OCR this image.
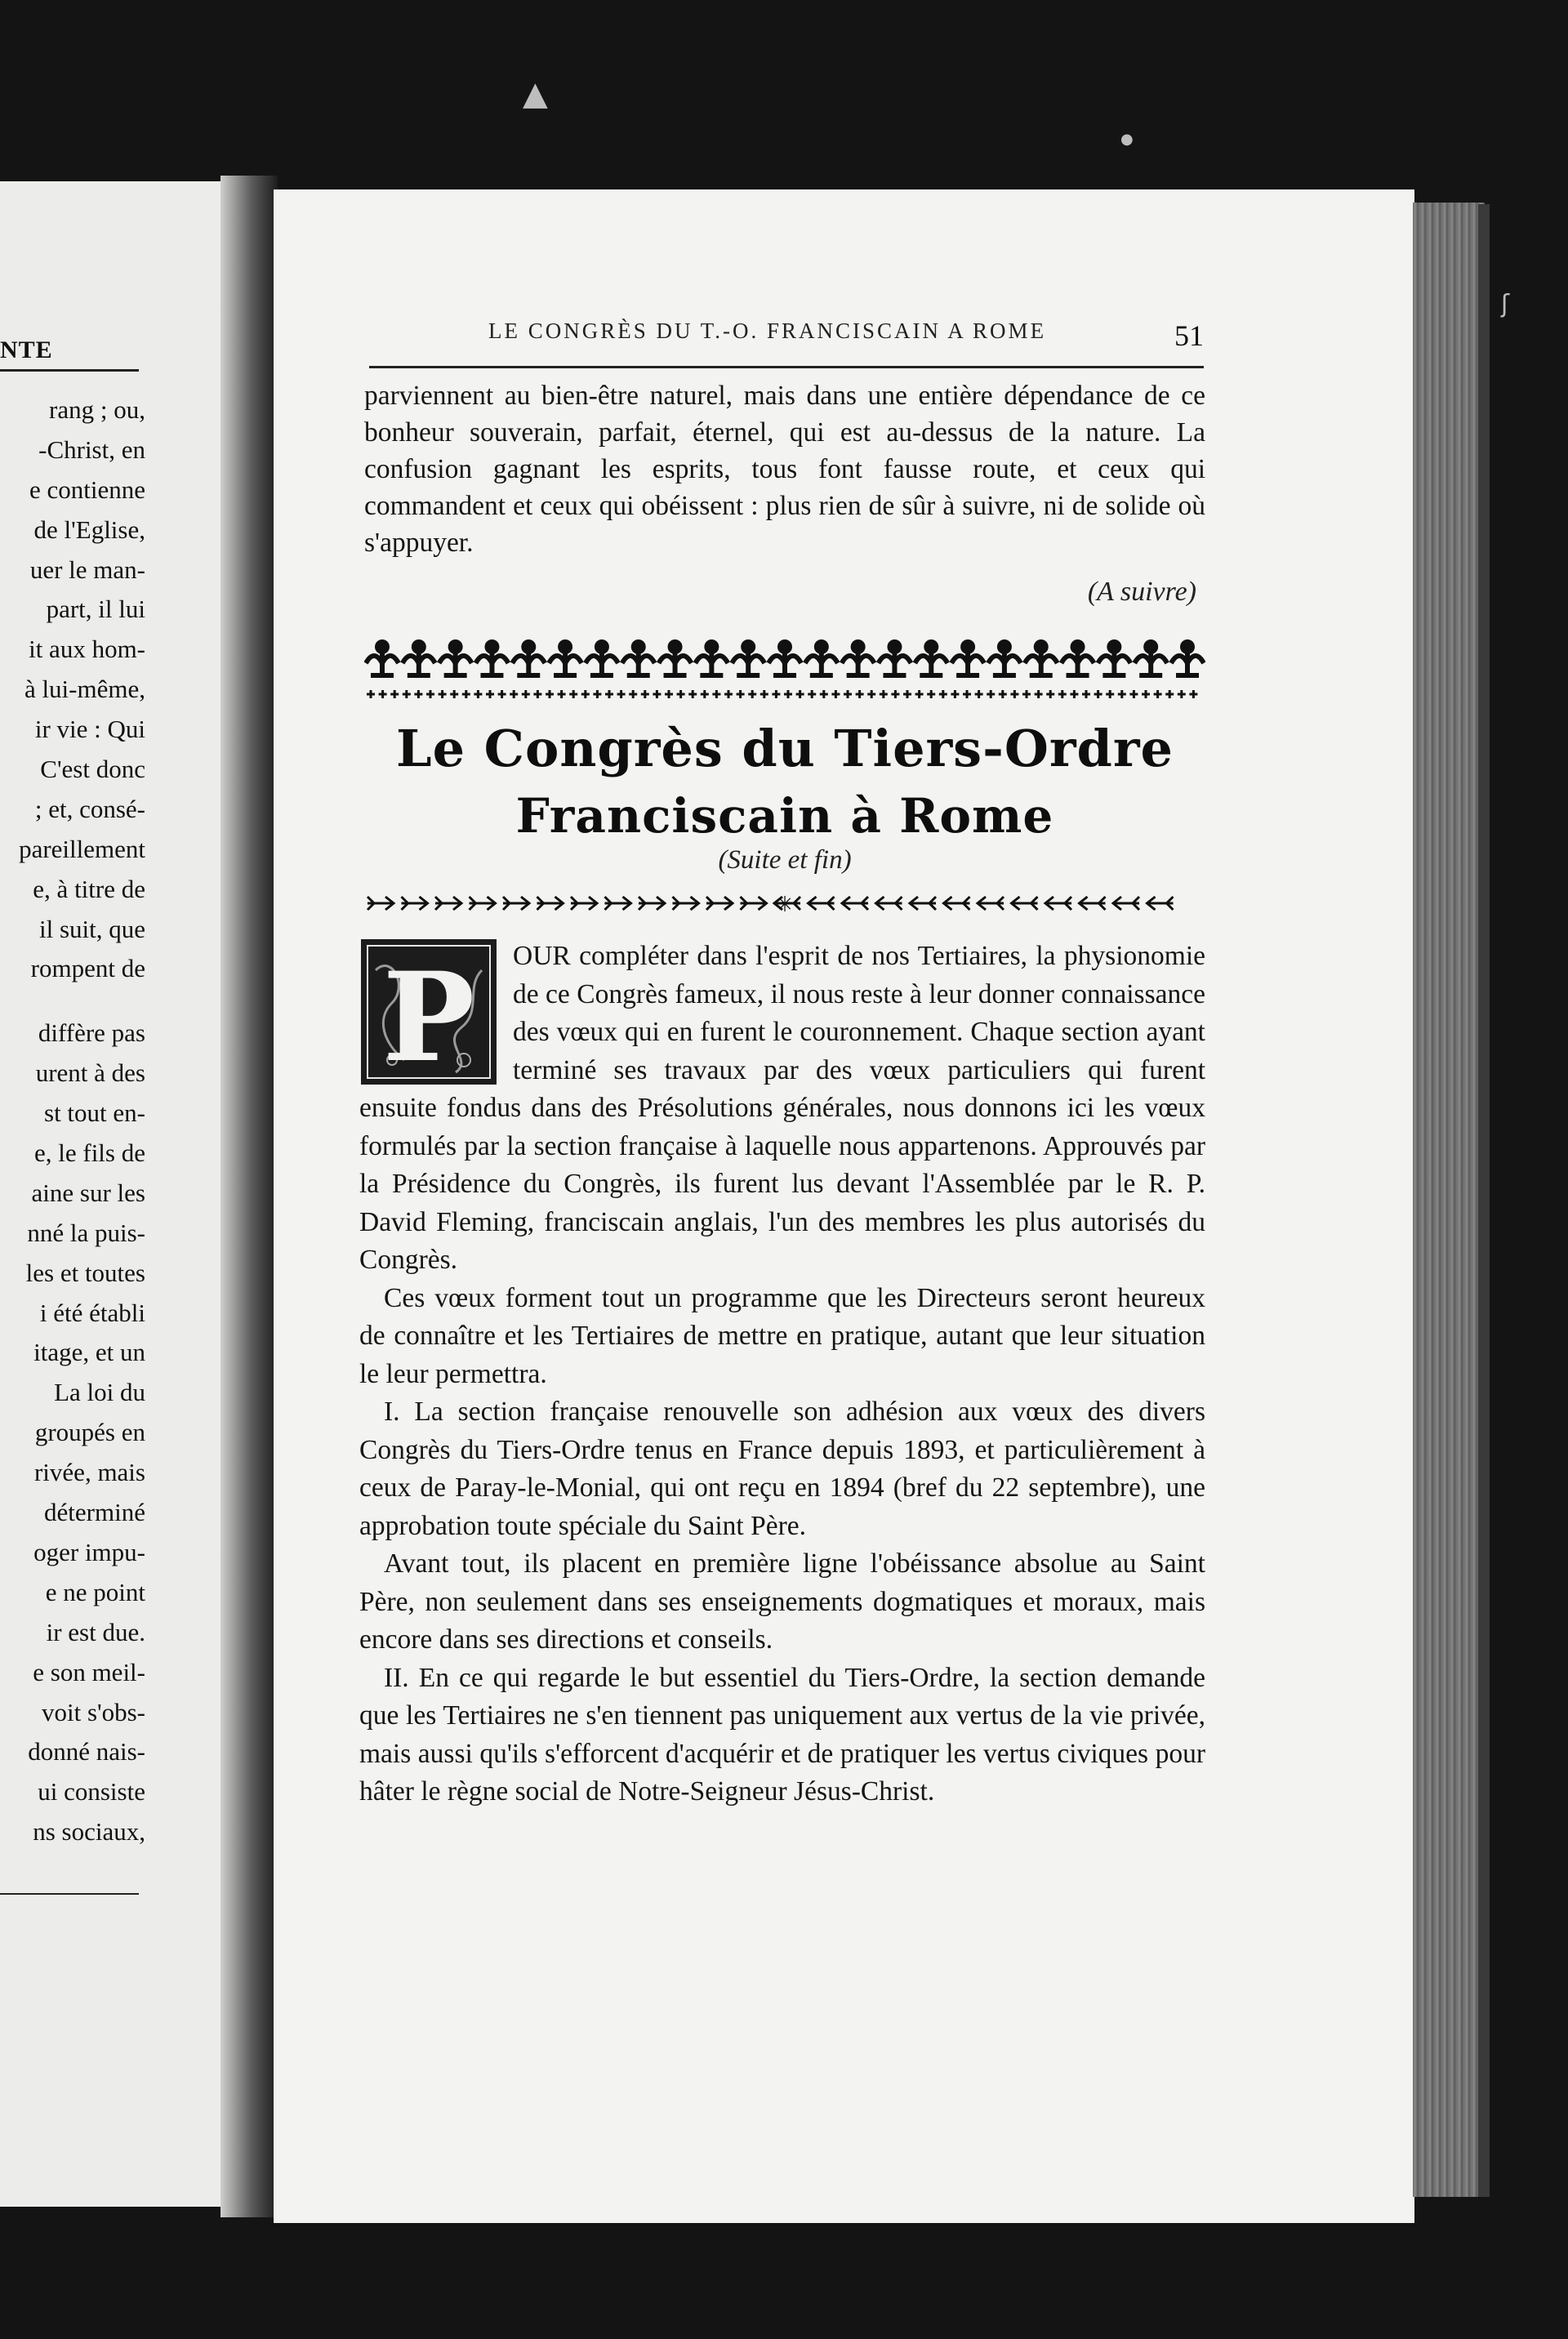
▲
●
ʃ
NTE
rang ; ou,
-Christ, en
e contienne
de l'Eglise,
uer le man-
part, il lui
it aux hom-
à lui-même,
ir vie : Qui
C'est donc
; et, consé-
pareillement
e, à titre de
il suit, que
rompent de
diffère pas
urent à des
st tout en-
e, le fils de
aine sur les
nné la puis-
les et toutes
i été établi
itage, et un
La loi du
groupés en
rivée, mais
déterminé
oger impu-
e ne point
ir est due.
e son meil-
voit s'obs-
donné nais-
ui consiste
ns sociaux,
LE CONGRÈS DU T.-O. FRANCISCAIN A ROME	51
parviennent au bien-être naturel, mais dans une entière dépendance de ce bonheur souverain, parfait, éternel, qui est au-dessus de la nature. La confusion gagnant les esprits, tous font fausse route, et ceux qui commandent et ceux qui obéissent : plus rien de sûr à suivre, ni de solide où s'appuyer.
(A suivre)
Le Congrès du Tiers-Ordre
Franciscain à Rome
(Suite et fin)
✳
P	OUR compléter dans l'esprit de nos Tertiaires, la physionomie de ce Congrès fameux, il nous reste à leur donner connaissance des vœux qui en furent le couronnement. Chaque section ayant terminé ses travaux par des vœux particuliers qui furent ensuite fondus dans des Présolutions générales, nous donnons ici les vœux formulés par la section française à laquelle nous appartenons. Approuvés par la Présidence du Congrès, ils furent lus devant l'Assemblée par le R. P. David Fleming, franciscain anglais, l'un des membres les plus autorisés du Congrès.
Ces vœux forment tout un programme que les Directeurs seront heureux de connaître et les Tertiaires de mettre en pratique, autant que leur situation le leur permettra.
I. La section française renouvelle son adhésion aux vœux des divers Congrès du Tiers-Ordre tenus en France depuis 1893, et particulièrement à ceux de Paray-le-Monial, qui ont reçu en 1894 (bref du 22 septembre), une approbation toute spéciale du Saint Père.
Avant tout, ils placent en première ligne l'obéissance absolue au Saint Père, non seulement dans ses enseignements dogmatiques et moraux, mais encore dans ses directions et conseils.
II. En ce qui regarde le but essentiel du Tiers-Ordre, la section demande que les Tertiaires ne s'en tiennent pas uniquement aux vertus de la vie privée, mais aussi qu'ils s'efforcent d'acquérir et de pratiquer les vertus civiques pour hâter le règne social de Notre-Seigneur Jésus-Christ.
